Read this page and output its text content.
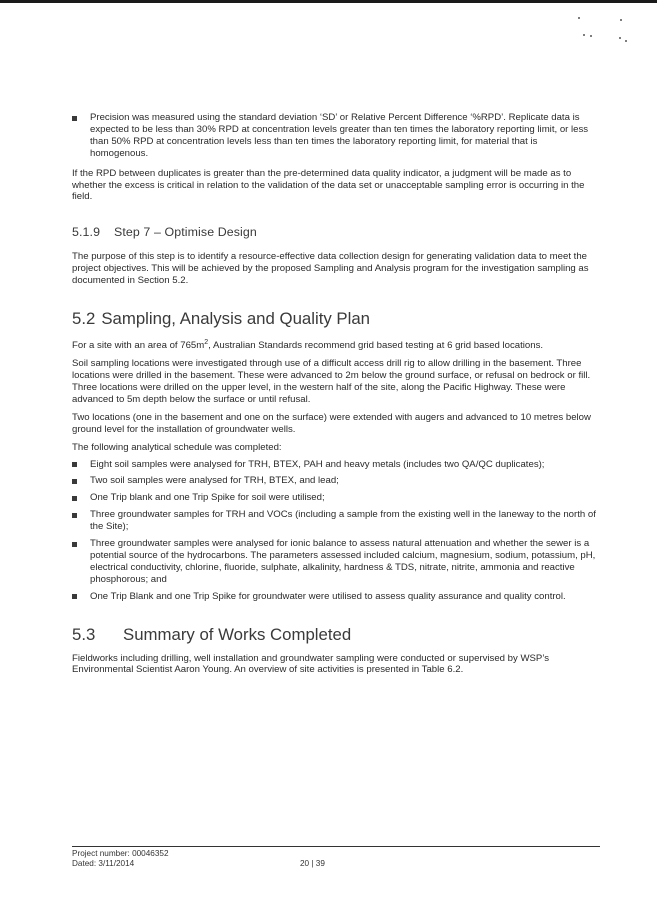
Precision was measured using the standard deviation ‘SD’ or Relative Percent Difference ‘%RPD’. Replicate data is expected to be less than 30% RPD at concentration levels greater than ten times the laboratory reporting limit, or less than 50% RPD at concentration levels less than ten times the laboratory reporting limit, for material that is homogenous.

If the RPD between duplicates is greater than the pre-determined data quality indicator, a judgment will be made as to whether the excess is critical in relation to the validation of the data set or unacceptable sampling error is occurring in the field.

5.1.9 Step 7 – Optimise Design

The purpose of this step is to identify a resource-effective data collection design for generating validation data to meet the project objectives. This will be achieved by the proposed Sampling and Analysis program for the investigation sampling as documented in Section 5.2.

5.2 Sampling, Analysis and Quality Plan

For a site with an area of $765m^2$, Australian Standards recommend grid based testing at 6 grid based locations.

Soil sampling locations were investigated through use of a difficult access drill rig to allow drilling in the basement. Three locations were drilled in the basement. These were advanced to 2m below the ground surface, or refusal on bedrock or fill. Three locations were drilled on the upper level, in the western half of the site, along the Pacific Highway. These were advanced to 5m depth below the surface or until refusal.

Two locations (one in the basement and one on the surface) were extended with augers and advanced to 10 metres below ground level for the installation of groundwater wells.

The following analytical schedule was completed:

Eight soil samples were analysed for TRH, BTEX, PAH and heavy metals (includes two QA/QC duplicates);
Two soil samples were analysed for TRH, BTEX, and lead;
One Trip blank and one Trip Spike for soil were utilised;
Three groundwater samples for TRH and VOCs (including a sample from the existing well in the laneway to the north of the Site);
Three groundwater samples were analysed for ionic balance to assess natural attenuation and whether the sewer is a potential source of the hydrocarbons. The parameters assessed included calcium, magnesium, sodium, potassium, pH, electrical conductivity, chlorine, fluoride, sulphate, alkalinity, hardness & TDS, nitrate, nitrite, ammonia and reactive phosphorous; and
One Trip Blank and one Trip Spike for groundwater were utilised to assess quality assurance and quality control.
5.3 Summary of Works Completed

Fieldworks including drilling, well installation and groundwater sampling were conducted or supervised by WSP’s Environmental Scientist Aaron Young. An overview of site activities is presented in Table 6.2.

Project number: 00046352
Dated: 3/11/2014	20 | 39
